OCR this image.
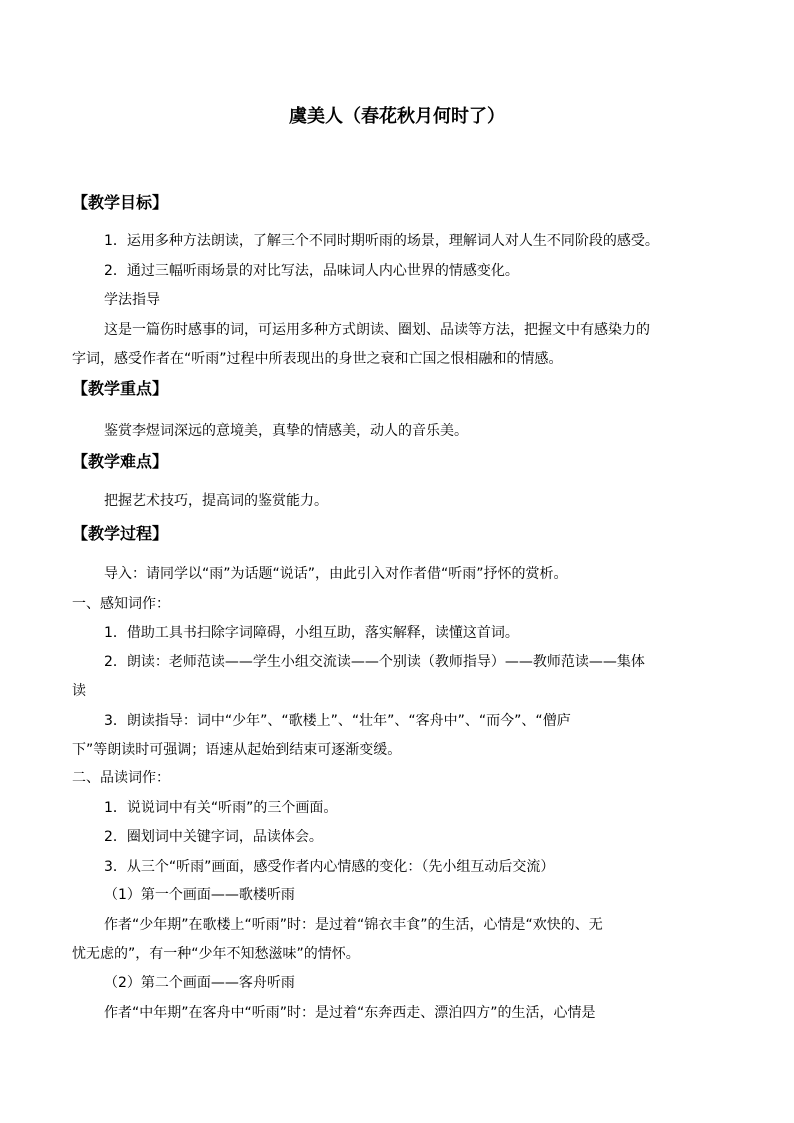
虞美人（春花秋月何时了）
【教学目标】
1．运用多种方法朗读，了解三个不同时期听雨的场景，理解词人对人生不同阶段的感受。
2．通过三幅听雨场景的对比写法，品味词人内心世界的情感变化。
学法指导
这是一篇伤时感事的词，可运用多种方式朗读、圈划、品读等方法，把握文中有感染力的
字词，感受作者在“听雨”过程中所表现出的身世之衰和亡国之恨相融和的情感。
【教学重点】
鉴赏李煜词深远的意境美，真挚的情感美，动人的音乐美。
【教学难点】
把握艺术技巧，提高词的鉴赏能力。
【教学过程】
导入：请同学以“雨”为话题“说话”，由此引入对作者借“听雨”抒怀的赏析。
一、感知词作：
1．借助工具书扫除字词障碍，小组互助，落实解释，读懂这首词。
2．朗读：老师范读——学生小组交流读——个别读（教师指导）——教师范读——集体
读
3．朗读指导：词中“少年”、“歌楼上”、“壮年”、“客舟中”、“而今”、“僧庐
下”等朗读时可强调；语速从起始到结束可逐渐变缓。
二、品读词作：
1．说说词中有关“听雨”的三个画面。
2．圈划词中关键字词，品读体会。
3．从三个“听雨”画面，感受作者内心情感的变化：（先小组互动后交流）
（1）第一个画面——歌楼听雨
作者“少年期”在歌楼上“听雨”时：是过着“锦衣丰食”的生活，心情是“欢快的、无
忧无虑的”，有一种“少年不知愁滋味”的情怀。
（2）第二个画面——客舟听雨
作者“中年期”在客舟中“听雨”时：是过着“东奔西走、漂泊四方”的生活，心情是
